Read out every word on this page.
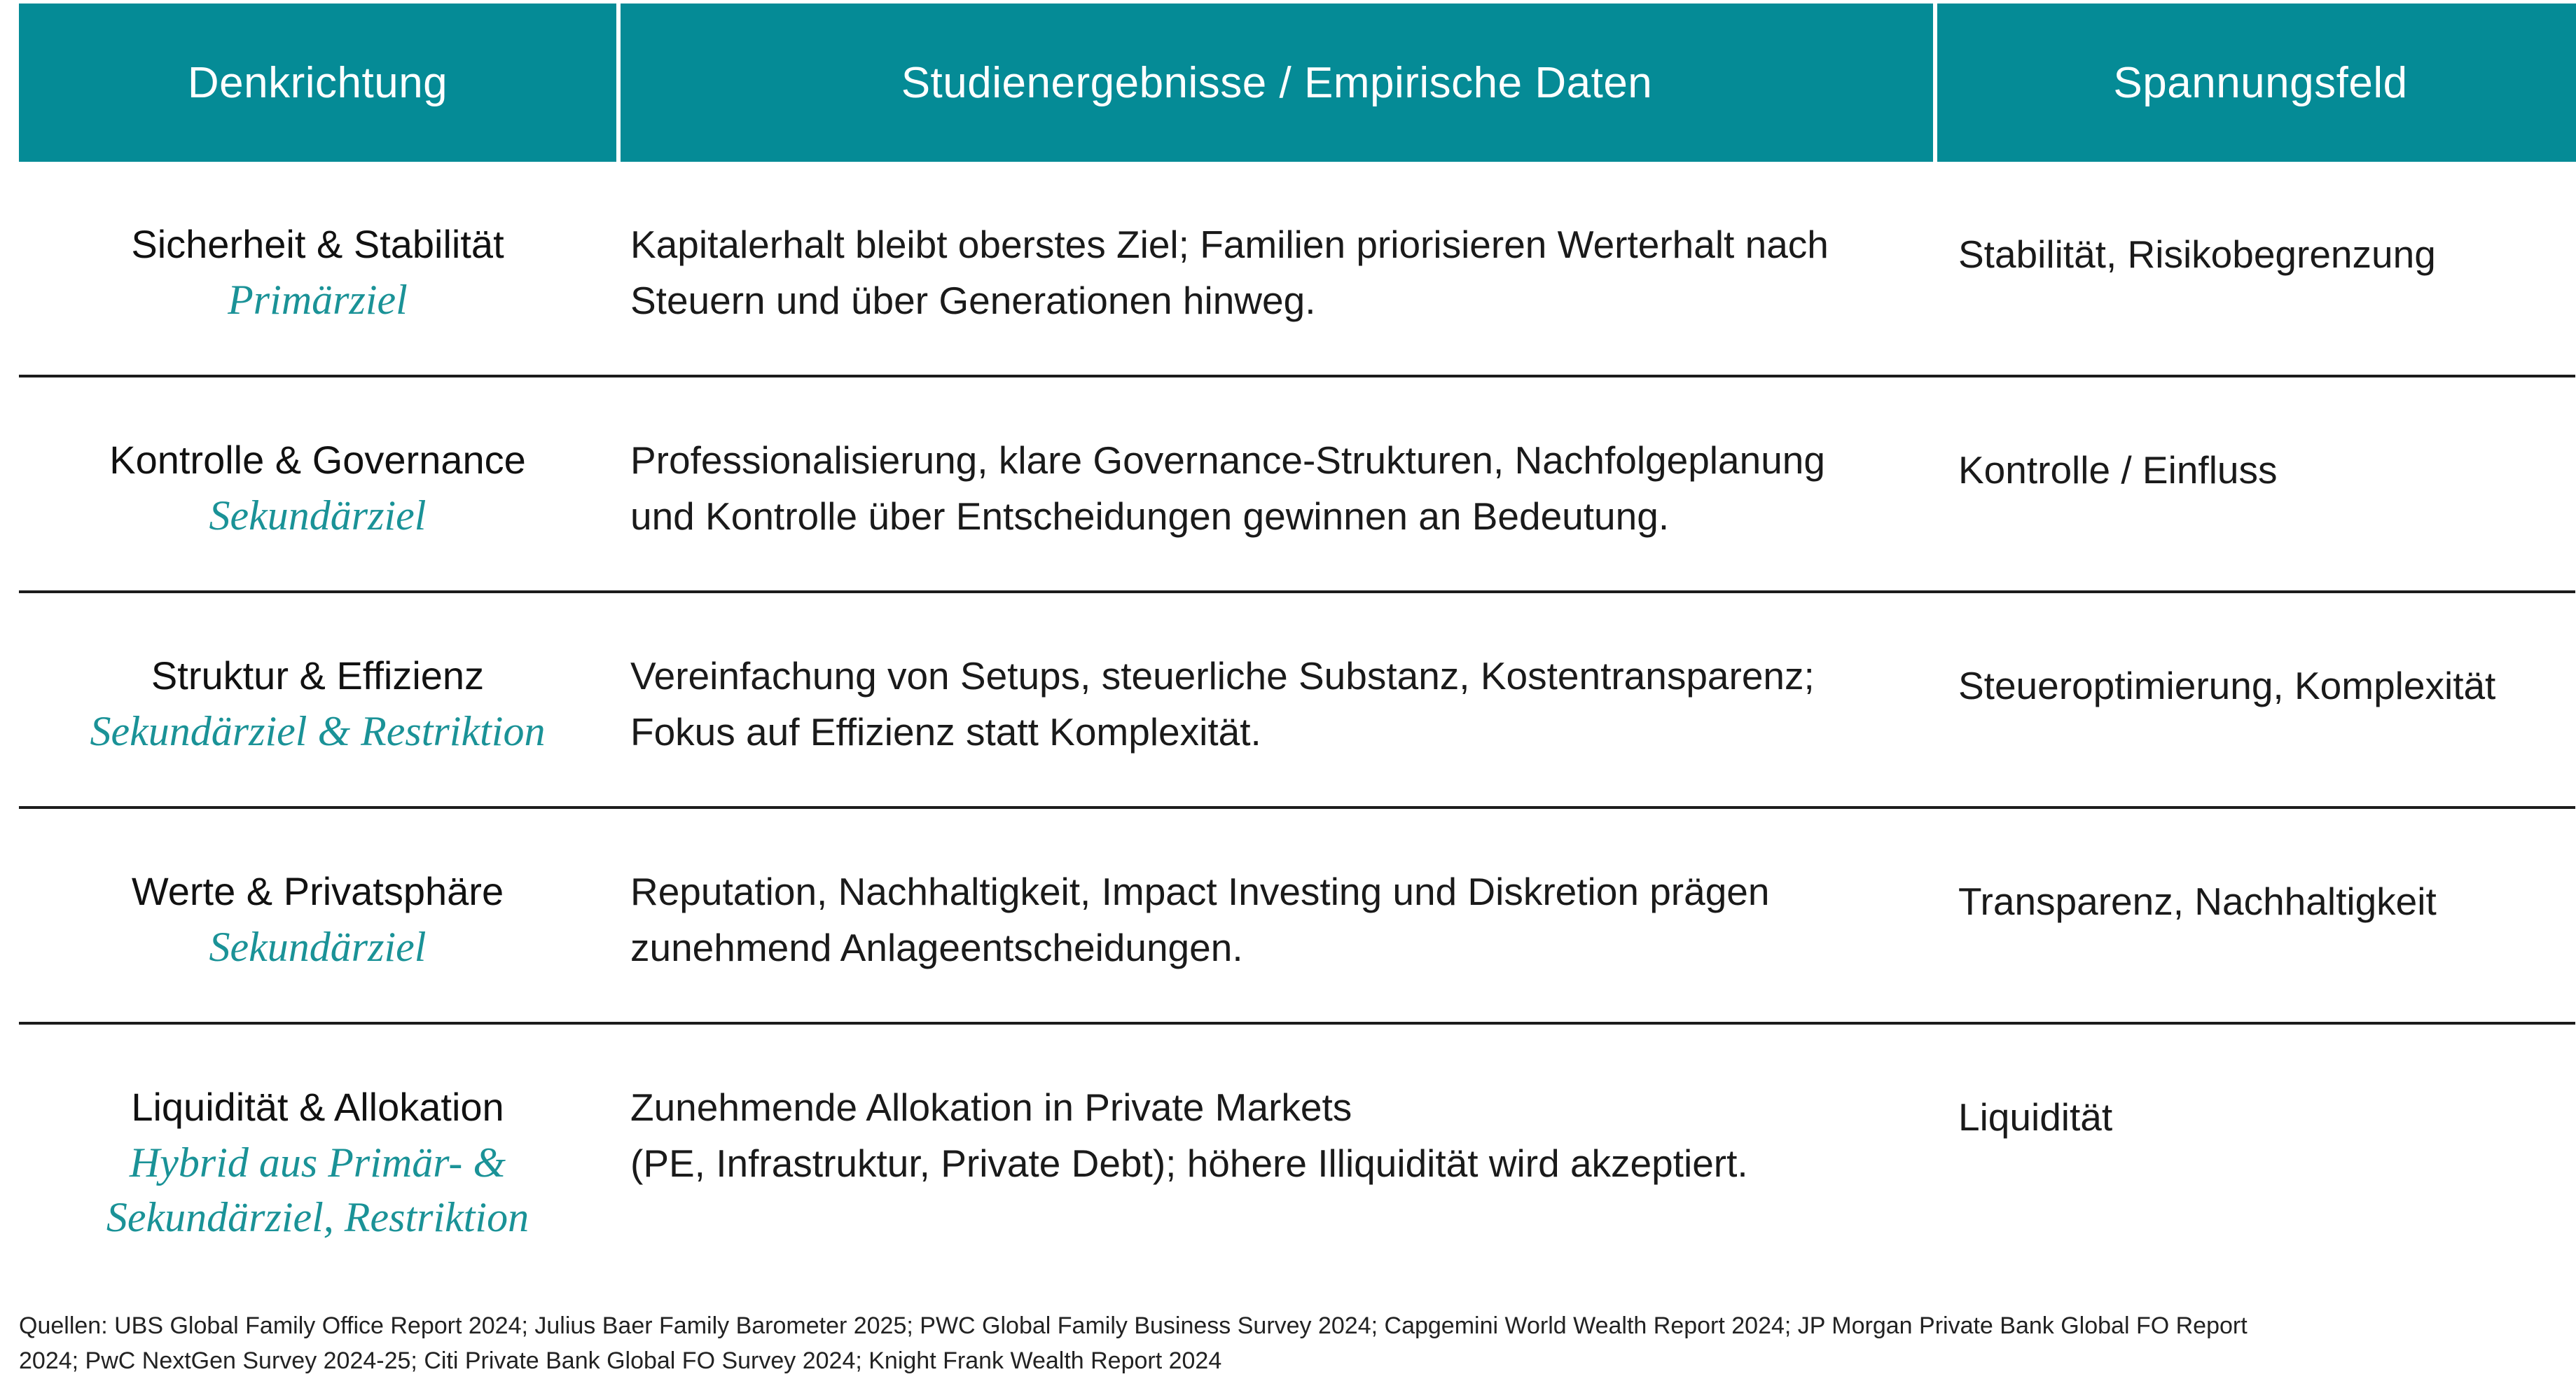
Denkrichtung	Studienergebnisse / Empirische Daten	Spannungsfeld
Sicherheit & Stabilität
Primärziel
Kapitalerhalt bleibt oberstes Ziel; Familien priorisieren Werterhalt nach
Steuern und über Generationen hinweg.
Stabilität, Risikobegrenzung
Kontrolle & Governance
Sekundärziel
Professionalisierung, klare Governance-Strukturen, Nachfolgeplanung
und Kontrolle über Entscheidungen gewinnen an Bedeutung.
Kontrolle / Einfluss
Struktur & Effizienz
Sekundärziel & Restriktion
Vereinfachung von Setups, steuerliche Substanz, Kostentransparenz;
Fokus auf Effizienz statt Komplexität.
Steueroptimierung, Komplexität
Werte & Privatsphäre
Sekundärziel
Reputation, Nachhaltigkeit, Impact Investing und Diskretion prägen
zunehmend Anlageentscheidungen.
Transparenz, Nachhaltigkeit
Liquidität & Allokation
Hybrid aus Primär- &
Sekundärziel, Restriktion
Zunehmende Allokation in Private Markets
(PE, Infrastruktur, Private Debt); höhere Illiquidität wird akzeptiert.
Liquidität
Quellen: UBS Global Family Office Report 2024; Julius Baer Family Barometer 2025; PWC Global Family Business Survey 2024; Capgemini World Wealth Report 2024; JP Morgan Private Bank Global FO Report
2024; PwC NextGen Survey 2024-25; Citi Private Bank Global FO Survey 2024; Knight Frank Wealth Report 2024
